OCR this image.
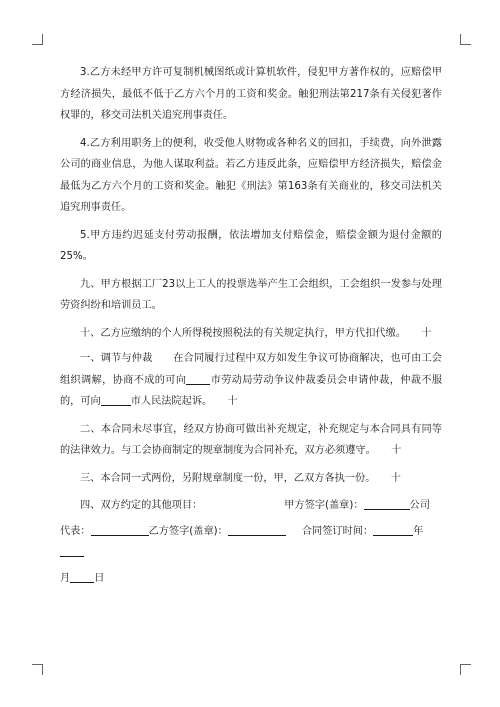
3.乙方未经甲方许可复制机械图纸或计算机软件，侵犯甲方著作权的，应赔偿甲方经济损失，最低不低于乙方六个月的工资和奖金。触犯刑法第217条有关侵犯著作权罪的，移交司法机关追究刑事责任。

4.乙方利用职务上的便利，收受他人财物或各种名义的回扣，手续费，向外泄露公司的商业信息，为他人谋取利益。若乙方违反此条，应赔偿甲方经济损失，赔偿金最低为乙方六个月的工资和奖金。触犯《刑法》第163条有关商业的，移交司法机关追究刑事责任。

5.甲方违约迟延支付劳动报酬，依法增加支付赔偿金，赔偿金额为退付金额的25%。

九、甲方根据工厂23以上工人的投票选举产生工会组织，工会组织一发参与处理劳资纠纷和培训员工。

十、乙方应缴纳的个人所得税按照税法的有关规定执行，甲方代扣代缴。　　十

一、调节与仲裁　　在合同履行过程中双方如发生争议可协商解决，也可由工会组织调解，协商不成的可向 市劳动局劳动争议仲裁委员会申请仲裁，仲裁不服的，可向	市人民法院起诉。　　十

二、本合同未尽事宜，经双方协商可做出补充规定，补充规定与本合同具有同等的法律效力。与工会协商制定的规章制度为合同补充，双方必须遵守。　　十

三、本合同一式两份，另附规章制度一份，甲，乙双方各执一份。　　十

四、双方约定的其他项目：	甲方签字(盖章)：	公司

代表：	乙方签字(盖章)：	合同签订时间：	年

月 日
